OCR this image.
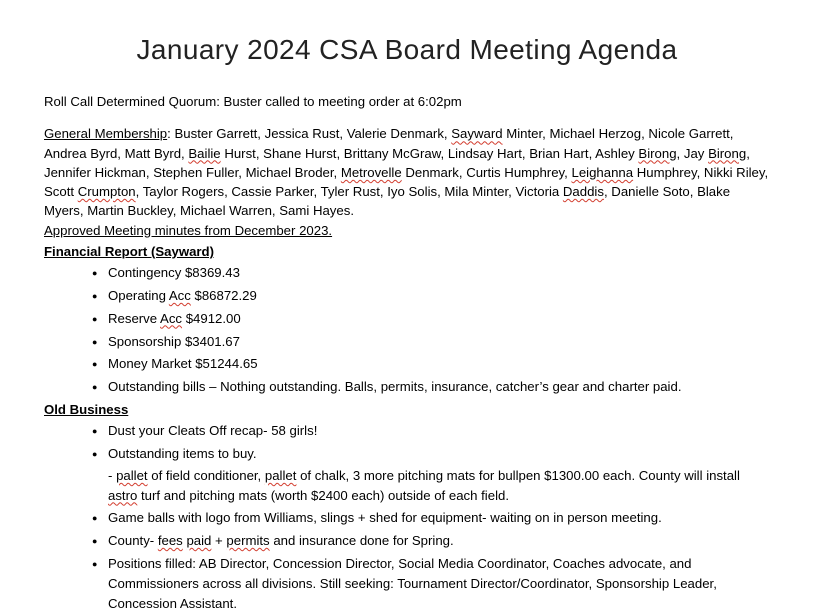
January 2024 CSA Board Meeting Agenda
Roll Call Determined Quorum: Buster called to meeting order at 6:02pm
General Membership: Buster Garrett, Jessica Rust, Valerie Denmark, Sayward Minter, Michael Herzog, Nicole Garrett, Andrea Byrd, Matt Byrd, Bailie Hurst, Shane Hurst, Brittany McGraw, Lindsay Hart, Brian Hart, Ashley Birong, Jay Birong, Jennifer Hickman, Stephen Fuller, Michael Broder, Metrovelle Denmark, Curtis Humphrey, Leighanna Humphrey, Nikki Riley, Scott Crumpton, Taylor Rogers, Cassie Parker, Tyler Rust, Iyo Solis, Mila Minter, Victoria Daddis, Danielle Soto, Blake Myers, Martin Buckley, Michael Warren, Sami Hayes.
Approved Meeting minutes from December 2023.
Financial Report (Sayward)
● Contingency $8369.43
● Operating Acc $86872.29
● Reserve Acc $4912.00
● Sponsorship $3401.67
● Money Market $51244.65
● Outstanding bills – Nothing outstanding. Balls, permits, insurance, catcher’s gear and charter paid.
Old Business
● Dust your Cleats Off recap- 58 girls!
● Outstanding items to buy.
- pallet of field conditioner, pallet of chalk, 3 more pitching mats for bullpen $1300.00 each. County will install astro turf and pitching mats (worth $2400 each) outside of each field.
● Game balls with logo from Williams, slings + shed for equipment- waiting on in person meeting.
● County- fees paid + permits and insurance done for Spring.
● Positions filled: AB Director, Concession Director, Social Media Coordinator, Coaches advocate, and Commissioners across all divisions. Still seeking: Tournament Director/Coordinator, Sponsorship Leader, Concession Assistant.
